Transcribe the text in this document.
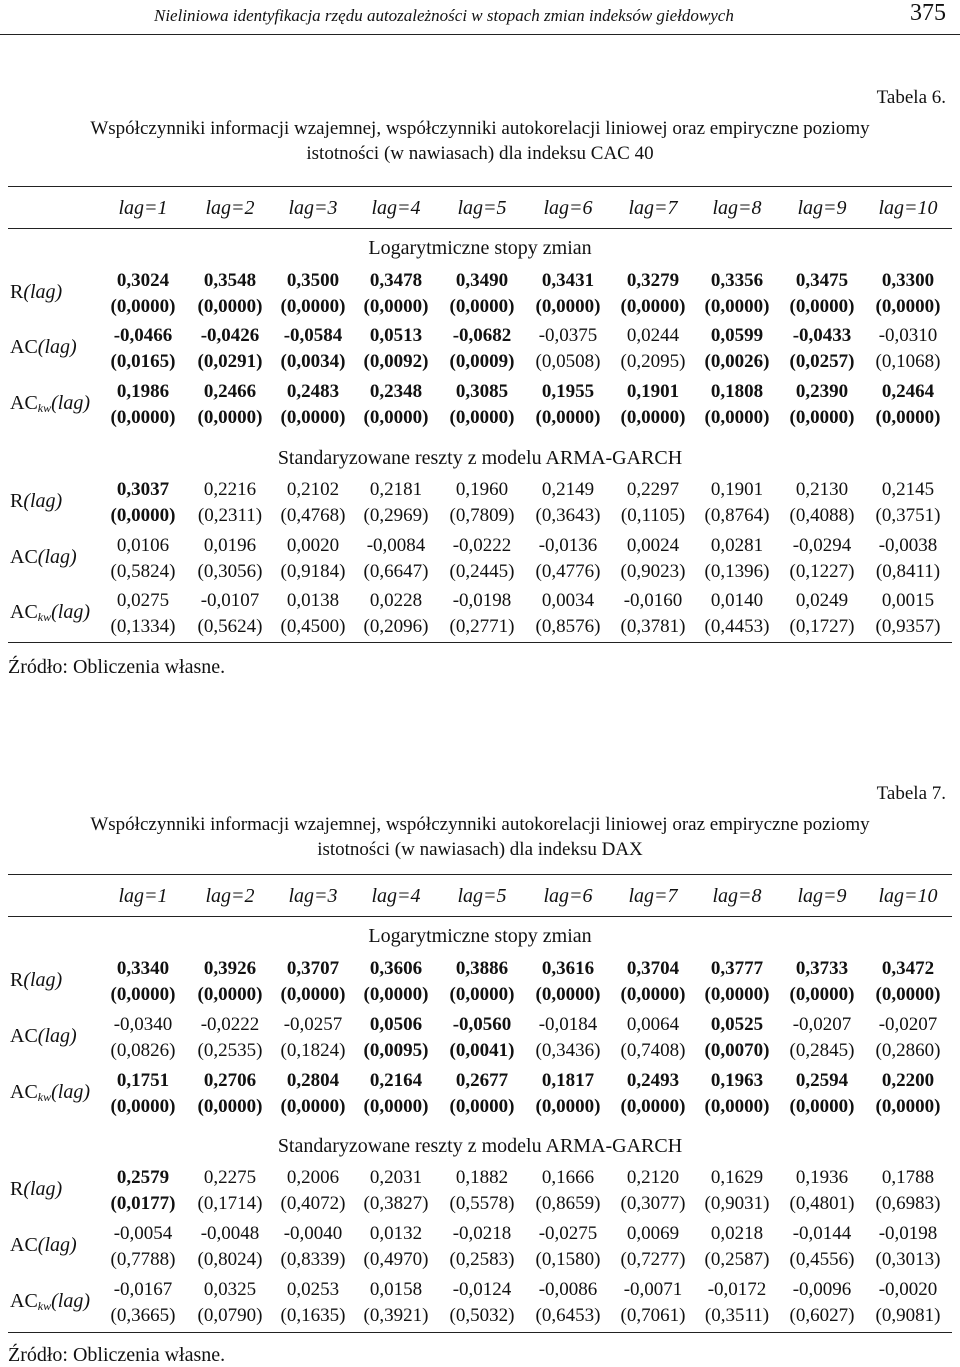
Nieliniowa identyfikacja rzędu autozależności w stopach zmian indeksów giełdowych	375
Tabela 6.
Współczynniki informacji wzajemnej, współczynniki autokorelacji liniowej oraz empiryczne poziomy
istotności (w nawiasach) dla indeksu CAC 40
lag=1 lag=2 lag=3 lag=4 lag=5 lag=6 lag=7 lag=8 lag=9 lag=10
Logarytmiczne stopy zmian
R(lag)
0,3024 0,3548 0,3500 0,3478 0,3490 0,3431 0,3279 0,3356 0,3475 0,3300
(0,0000) (0,0000) (0,0000) (0,0000) (0,0000) (0,0000) (0,0000) (0,0000) (0,0000) (0,0000)
AC(lag)
-0,0466 -0,0426 -0,0584 0,0513 -0,0682 -0,0375 0,0244 0,0599 -0,0433 -0,0310
(0,0165) (0,0291) (0,0034) (0,0092) (0,0009) (0,0508) (0,2095) (0,0026) (0,0257) (0,1068)
$AC_{kw}(lag)$
0,1986 0,2466 0,2483 0,2348 0,3085 0,1955 0,1901 0,1808 0,2390 0,2464
(0,0000) (0,0000) (0,0000) (0,0000) (0,0000) (0,0000) (0,0000) (0,0000) (0,0000) (0,0000)
Standaryzowane reszty z modelu ARMA-GARCH
R(lag)
0,3037 0,2216 0,2102 0,2181 0,1960 0,2149 0,2297 0,1901 0,2130 0,2145
(0,0000) (0,2311) (0,4768) (0,2969) (0,7809) (0,3643) (0,1105) (0,8764) (0,4088) (0,3751)
AC(lag)
0,0106 0,0196 0,0020 -0,0084 -0,0222 -0,0136 0,0024 0,0281 -0,0294 -0,0038
(0,5824) (0,3056) (0,9184) (0,6647) (0,2445) (0,4776) (0,9023) (0,1396) (0,1227) (0,8411)
$AC_{kw}(lag)$
0,0275 -0,0107 0,0138 0,0228 -0,0198 0,0034 -0,0160 0,0140 0,0249 0,0015
(0,1334) (0,5624) (0,4500) (0,2096) (0,2771) (0,8576) (0,3781) (0,4453) (0,1727) (0,9357)
Źródło: Obliczenia własne.
Tabela 7.
Współczynniki informacji wzajemnej, współczynniki autokorelacji liniowej oraz empiryczne poziomy
istotności (w nawiasach) dla indeksu DAX
lag=1 lag=2 lag=3 lag=4 lag=5 lag=6 lag=7 lag=8 lag=9 lag=10
Logarytmiczne stopy zmian
R(lag)
0,3340 0,3926 0,3707 0,3606 0,3886 0,3616 0,3704 0,3777 0,3733 0,3472
(0,0000) (0,0000) (0,0000) (0,0000) (0,0000) (0,0000) (0,0000) (0,0000) (0,0000) (0,0000)
AC(lag)
-0,0340 -0,0222 -0,0257 0,0506 -0,0560 -0,0184 0,0064 0,0525 -0,0207 -0,0207
(0,0826) (0,2535) (0,1824) (0,0095) (0,0041) (0,3436) (0,7408) (0,0070) (0,2845) (0,2860)
$AC_{kw}(lag)$
0,1751 0,2706 0,2804 0,2164 0,2677 0,1817 0,2493 0,1963 0,2594 0,2200
(0,0000) (0,0000) (0,0000) (0,0000) (0,0000) (0,0000) (0,0000) (0,0000) (0,0000) (0,0000)
Standaryzowane reszty z modelu ARMA-GARCH
R(lag)
0,2579 0,2275 0,2006 0,2031 0,1882 0,1666 0,2120 0,1629 0,1936 0,1788
(0,0177) (0,1714) (0,4072) (0,3827) (0,5578) (0,8659) (0,3077) (0,9031) (0,4801) (0,6983)
AC(lag)
-0,0054 -0,0048 -0,0040 0,0132 -0,0218 -0,0275 0,0069 0,0218 -0,0144 -0,0198
(0,7788) (0,8024) (0,8339) (0,4970) (0,2583) (0,1580) (0,7277) (0,2587) (0,4556) (0,3013)
$AC_{kw}(lag)$
-0,0167 0,0325 0,0253 0,0158 -0,0124 -0,0086 -0,0071 -0,0172 -0,0096 -0,0020
(0,3665) (0,0790) (0,1635) (0,3921) (0,5032) (0,6453) (0,7061) (0,3511) (0,6027) (0,9081)
Źródło: Obliczenia własne.
